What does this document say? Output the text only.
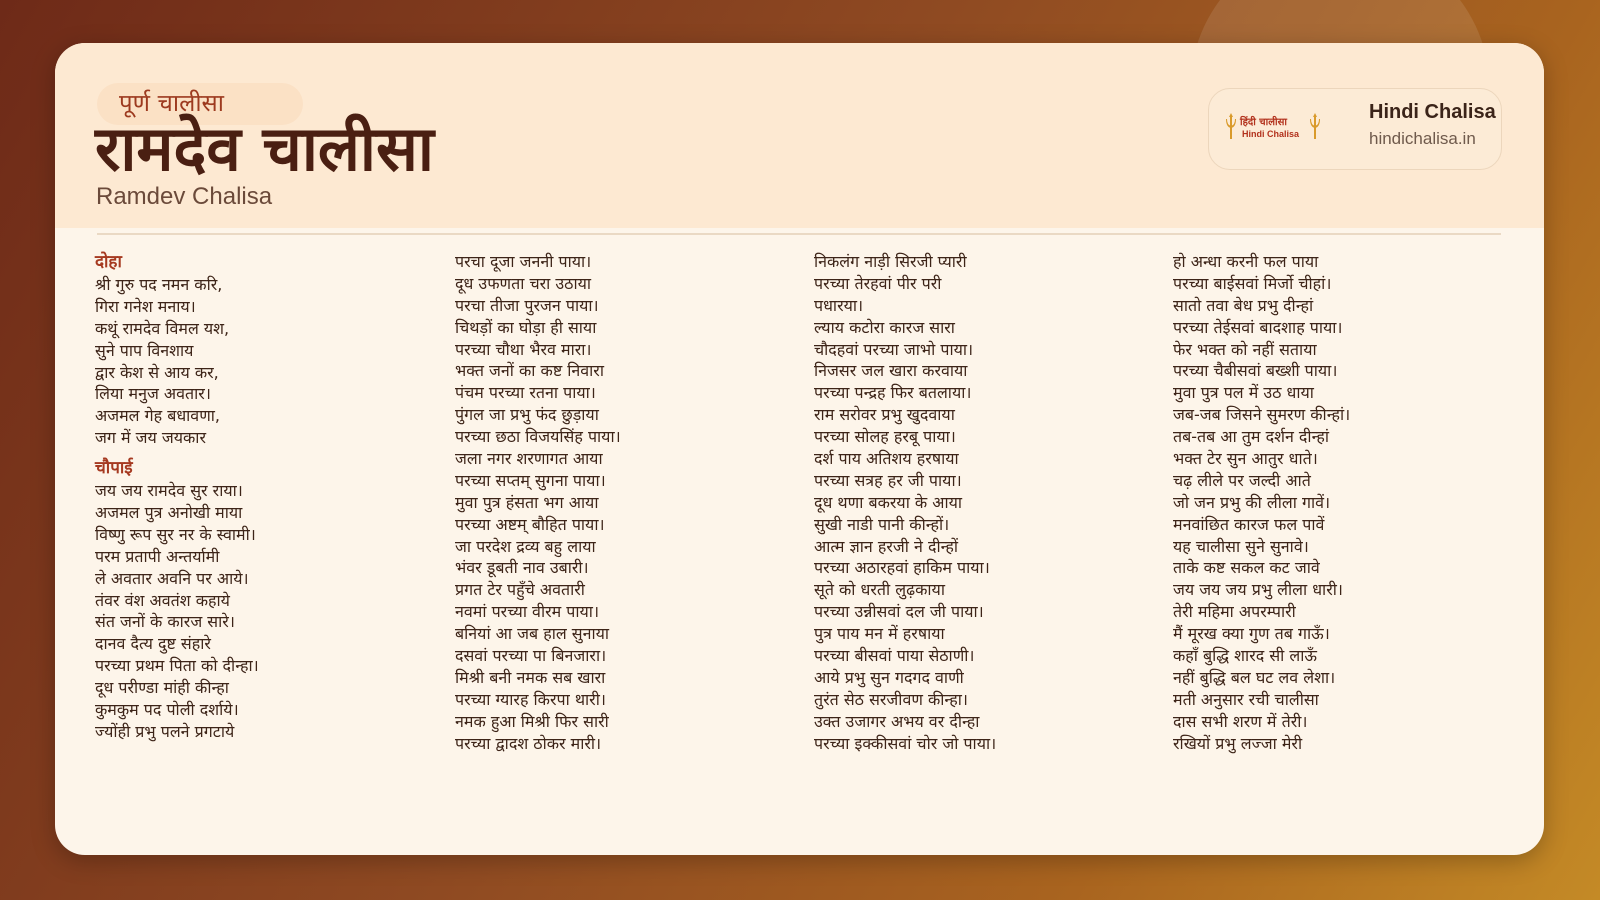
पूर्ण चालीसा
रामदेव चालीसा
Ramdev Chalisa
हिंदी चालीसा
Hindi Chalisa
Hindi Chalisa
hindichalisa.in
दोहा
श्री गुरु पद नमन करि,
गिरा गनेश मनाय।
कथूं रामदेव विमल यश,
सुने पाप विनशाय
द्वार केश से आय कर,
लिया मनुज अवतार।
अजमल गेह बधावणा,
जग में जय जयकार
चौपाई
जय जय रामदेव सुर राया।
अजमल पुत्र अनोखी माया
विष्णु रूप सुर नर के स्वामी।
परम प्रतापी अन्तर्यामी
ले अवतार अवनि पर आये।
तंवर वंश अवतंश कहाये
संत जनों के कारज सारे।
दानव दैत्य दुष्ट संहारे
परच्या प्रथम पिता को दीन्हा।
दूध परीण्डा मांही कीन्हा
कुमकुम पद पोली दर्शाये।
ज्योंही प्रभु पलने प्रगटाये
परचा दूजा जननी पाया।
दूध उफणता चरा उठाया
परचा तीजा पुरजन पाया।
चिथड़ों का घोड़ा ही साया
परच्या चौथा भैरव मारा।
भक्त जनों का कष्ट निवारा
पंचम परच्या रतना पाया।
पुंगल जा प्रभु फंद छुड़ाया
परच्या छठा विजयसिंह पाया।
जला नगर शरणागत आया
परच्या सप्तम् सुगना पाया।
मुवा पुत्र हंसता भग आया
परच्या अष्टम् बौहित पाया।
जा परदेश द्रव्य बहु लाया
भंवर डूबती नाव उबारी।
प्रगत टेर पहुँचे अवतारी
नवमां परच्या वीरम पाया।
बनियां आ जब हाल सुनाया
दसवां परच्या पा बिनजारा।
मिश्री बनी नमक सब खारा
परच्या ग्यारह किरपा थारी।
नमक हुआ मिश्री फिर सारी
परच्या द्वादश ठोकर मारी।
निकलंग नाड़ी सिरजी प्यारी
परच्या तेरहवां पीर परी
पधारया।
ल्याय कटोरा कारज सारा
चौदहवां परच्या जाभो पाया।
निजसर जल खारा करवाया
परच्या पन्द्रह फिर बतलाया।
राम सरोवर प्रभु खुदवाया
परच्या सोलह हरबू पाया।
दर्श पाय अतिशय हरषाया
परच्या सत्रह हर जी पाया।
दूध थणा बकरया के आया
सुखी नाडी पानी कीन्हों।
आत्म ज्ञान हरजी ने दीन्हों
परच्या अठारहवां हाकिम पाया।
सूते को धरती लुढ़काया
परच्या उन्नीसवां दल जी पाया।
पुत्र पाय मन में हरषाया
परच्या बीसवां पाया सेठाणी।
आये प्रभु सुन गदगद वाणी
तुरंत सेठ सरजीवण कीन्हा।
उक्त उजागर अभय वर दीन्हा
परच्या इक्कीसवां चोर जो पाया।
हो अन्धा करनी फल पाया
परच्या बाईसवां मिर्जो चीहां।
सातो तवा बेध प्रभु दीन्हां
परच्या तेईसवां बादशाह पाया।
फेर भक्त को नहीं सताया
परच्या चैबीसवां बख्शी पाया।
मुवा पुत्र पल में उठ धाया
जब-जब जिसने सुमरण कीन्हां।
तब-तब आ तुम दर्शन दीन्हां
भक्त टेर सुन आतुर धाते।
चढ़ लीले पर जल्दी आते
जो जन प्रभु की लीला गावें।
मनवांछित कारज फल पावें
यह चालीसा सुने सुनावे।
ताके कष्ट सकल कट जावे
जय जय जय प्रभु लीला धारी।
तेरी महिमा अपरम्पारी
मैं मूरख क्या गुण तब गाऊँ।
कहाँ बुद्धि शारद सी लाऊँ
नहीं बुद्धि बल घट लव लेशा।
मती अनुसार रची चालीसा
दास सभी शरण में तेरी।
रखियों प्रभु लज्जा मेरी
